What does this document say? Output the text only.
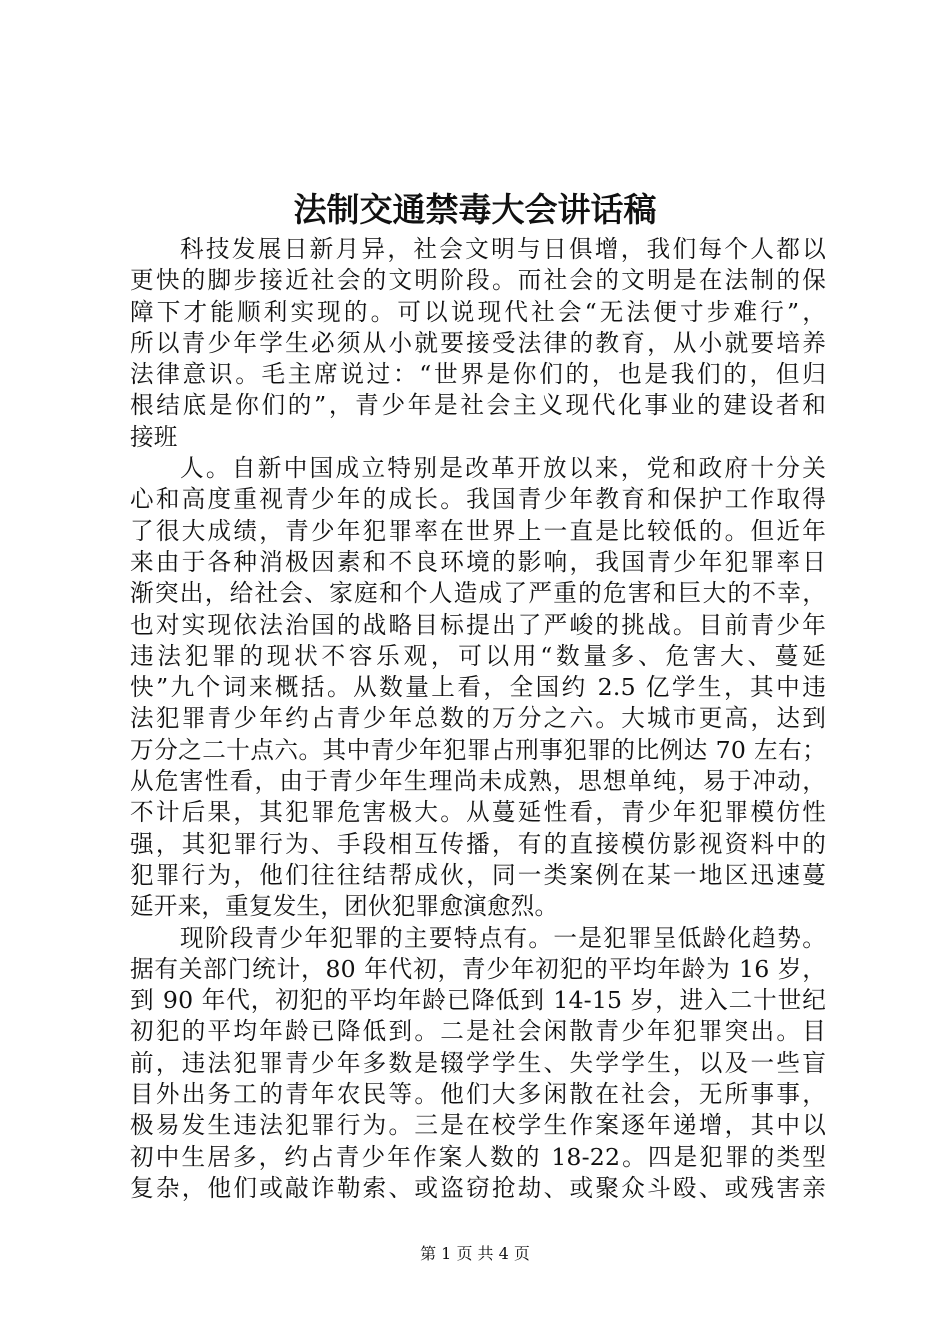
法制交通禁毒大会讲话稿
科技发展日新月异，社会文明与日俱增，我们每个人都以
更快的脚步接近社会的文明阶段。而社会的文明是在法制的保
障下才能顺利实现的。可以说现代社会“无法便寸步难行”，
所以青少年学生必须从小就要接受法律的教育，从小就要培养
法律意识。毛主席说过：“世界是你们的，也是我们的，但归
根结底是你们的”，青少年是社会主义现代化事业的建设者和
接班
人。自新中国成立特别是改革开放以来，党和政府十分关
心和高度重视青少年的成长。我国青少年教育和保护工作取得
了很大成绩，青少年犯罪率在世界上一直是比较低的。但近年
来由于各种消极因素和不良环境的影响，我国青少年犯罪率日
渐突出，给社会、家庭和个人造成了严重的危害和巨大的不幸，
也对实现依法治国的战略目标提出了严峻的挑战。目前青少年
违法犯罪的现状不容乐观，可以用“数量多、危害大、蔓延
快”九个词来概括。从数量上看，全国约 2.5 亿学生，其中违
法犯罪青少年约占青少年总数的万分之六。大城市更高，达到
万分之二十点六。其中青少年犯罪占刑事犯罪的比例达 70 左右；
从危害性看，由于青少年生理尚未成熟，思想单纯，易于冲动，
不计后果，其犯罪危害极大。从蔓延性看，青少年犯罪模仿性
强，其犯罪行为、手段相互传播，有的直接模仿影视资料中的
犯罪行为，他们往往结帮成伙，同一类案例在某一地区迅速蔓
延开来，重复发生，团伙犯罪愈演愈烈。
现阶段青少年犯罪的主要特点有。一是犯罪呈低龄化趋势。
据有关部门统计，80 年代初，青少年初犯的平均年龄为 16 岁，
到 90 年代，初犯的平均年龄已降低到 14-15 岁，进入二十世纪
初犯的平均年龄已降低到。二是社会闲散青少年犯罪突出。目
前，违法犯罪青少年多数是辍学学生、失学学生，以及一些盲
目外出务工的青年农民等。他们大多闲散在社会，无所事事，
极易发生违法犯罪行为。三是在校学生作案逐年递增，其中以
初中生居多，约占青少年作案人数的 18-22。四是犯罪的类型
复杂，他们或敲诈勒索、或盗窃抢劫、或聚众斗殴、或残害亲
第 1 页 共 4 页
